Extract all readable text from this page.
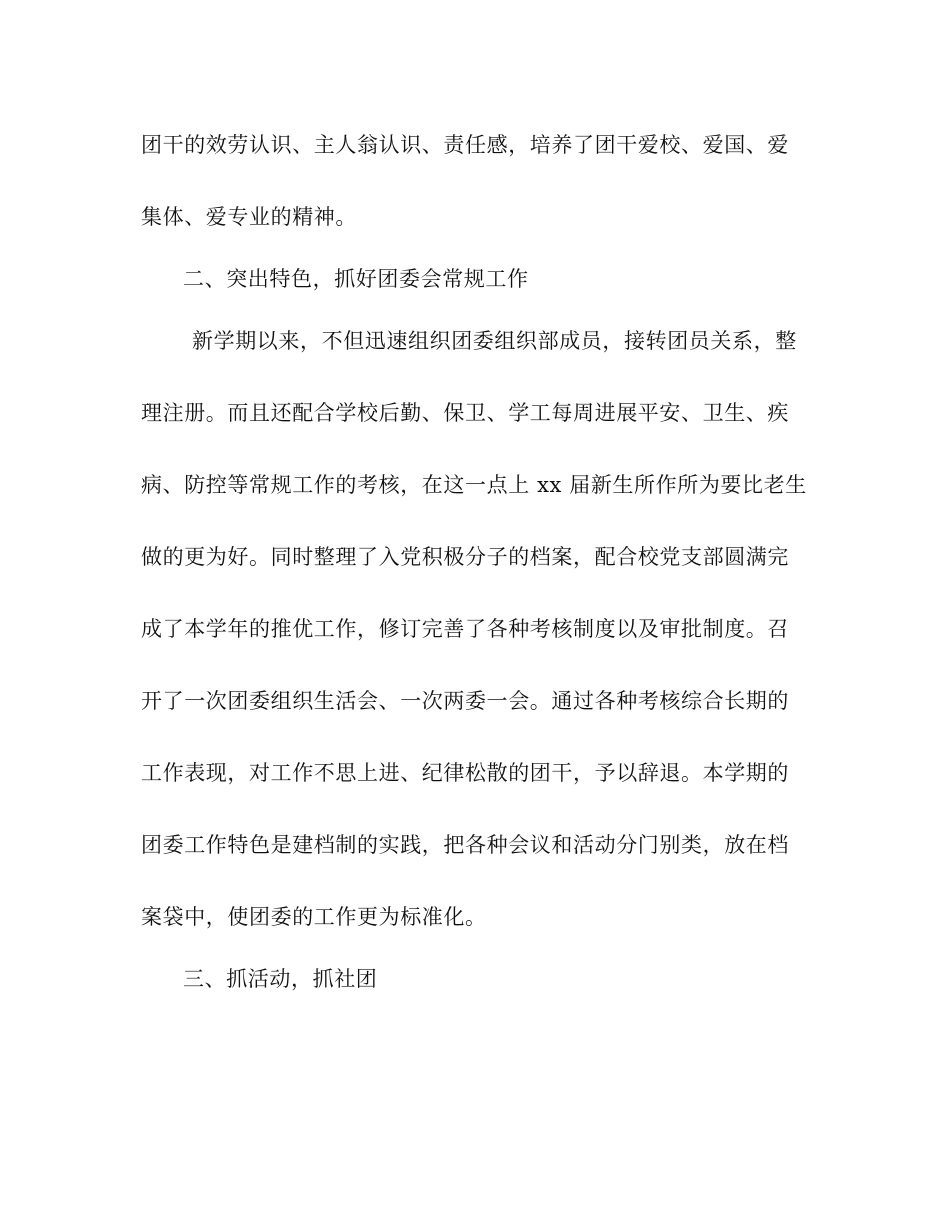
团干的效劳认识、主人翁认识、责任感，培养了团干爱校、爱国、爱
集体、爱专业的精神。
二、突出特色，抓好团委会常规工作
新学期以来，不但迅速组织团委组织部成员，接转团员关系，整
理注册。而且还配合学校后勤、保卫、学工每周进展平安、卫生、疾
病、防控等常规工作的考核，在这一点上 xx 届新生所作所为要比老生
做的更为好。同时整理了入党积极分子的档案，配合校党支部圆满完
成了本学年的推优工作，修订完善了各种考核制度以及审批制度。召
开了一次团委组织生活会、一次两委一会。通过各种考核综合长期的
工作表现，对工作不思上进、纪律松散的团干，予以辞退。本学期的
团委工作特色是建档制的实践，把各种会议和活动分门别类，放在档
案袋中，使团委的工作更为标准化。
三、抓活动，抓社团
